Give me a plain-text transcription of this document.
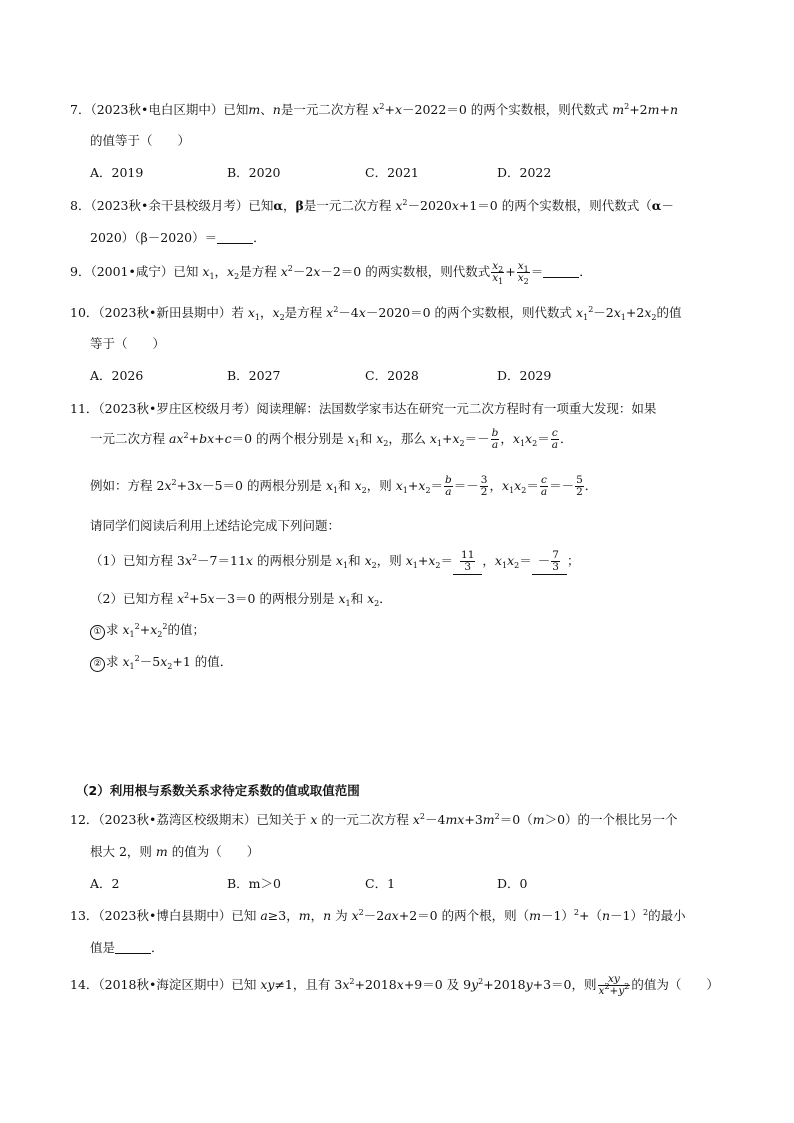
7．（2023秋•电白区期中）已知m、n是一元二次方程 $x^2+x-2022=0$ 的两个实数根，则代数式 $m^2+2m+n$
的值等于（　　）
A．2019	B．2020	C．2021	D．2022
8．（2023秋•余干县校级月考）已知α，β是一元二次方程 $x^2-2020x+1=0$ 的两个实数根，则代数式（α－
2020）（β－2020）＝	．
9．（2001•咸宁）已知 $x_1$，$x_2$是方程 $x^2-2x-2=0$ 的两实数根，则代数式 $\frac{x_2}{x_1} + \frac{x_1}{x_2}$ ＝	．
10．（2023秋•新田县期中）若 $x_1$，$x_2$是方程 $x^2-4x-2020=0$ 的两个实数根，则代数式 $x_1^2-2x_1+2x_2$的值
等于（　　）
A．2026	B．2027	C．2028	D．2029
11．（2023秋•罗庄区校级月考）阅读理解：法国数学家韦达在研究一元二次方程时有一项重大发现：如果
一元二次方程 $ax^2+bx+c=0$ 的两个根分别是 $x_1$和 $x_2$，那么 $x_1+x_2=- \frac{b}{a}$ ，$x_1x_2= \frac{c}{a}$ ．
例如：方程 $2x^2+3x-5=0$ 的两根分别是 $x_1$和 $x_2$，则 $x_1+x_2= \frac{b}{a} =- \frac{3}{2}$ ，$x_1x_2= \frac{c}{a} =- \frac{5}{2}$ ．
请同学们阅读后利用上述结论完成下列问题：
（1）已知方程 $3x^2-7=11x$ 的两根分别是 $x_1$和 $x_2$，则 $x_1+x_2= \frac{11}{3}$ ，$x_1x_2= - \frac{7}{3}$ ；
（2）已知方程 $x^2+5x-3=0$ 的两根分别是 $x_1$和 $x_2$．
① 求 $x_1^2+x_2^2$的值；
② 求 $x_1^2-5x_2+1$ 的值．
（2）利用根与系数关系求待定系数的值或取值范围
12．（2023秋•荔湾区校级期末）已知关于 x 的一元二次方程 $x^2-4mx+3m^2=0(m>0)$的一个根比另一个
根大 2，则 m 的值为（　　）
A．2	B．m＞0	C．1	D．0
13．（2023秋•博白县期中）已知 a≥3，m，n 为 $x^2-2ax+2=0$ 的两个根，则$(m-1)^2+(n-1)^2$的最小
值是	．
14．（2018秋•海淀区期中）已知 xy≠1，且有 $3x^2+2018x+9=0$ 及 $9y^2+2018y+3=0$，则 $\frac{xy}{x^2+y^2}$ 的值为（　　）
